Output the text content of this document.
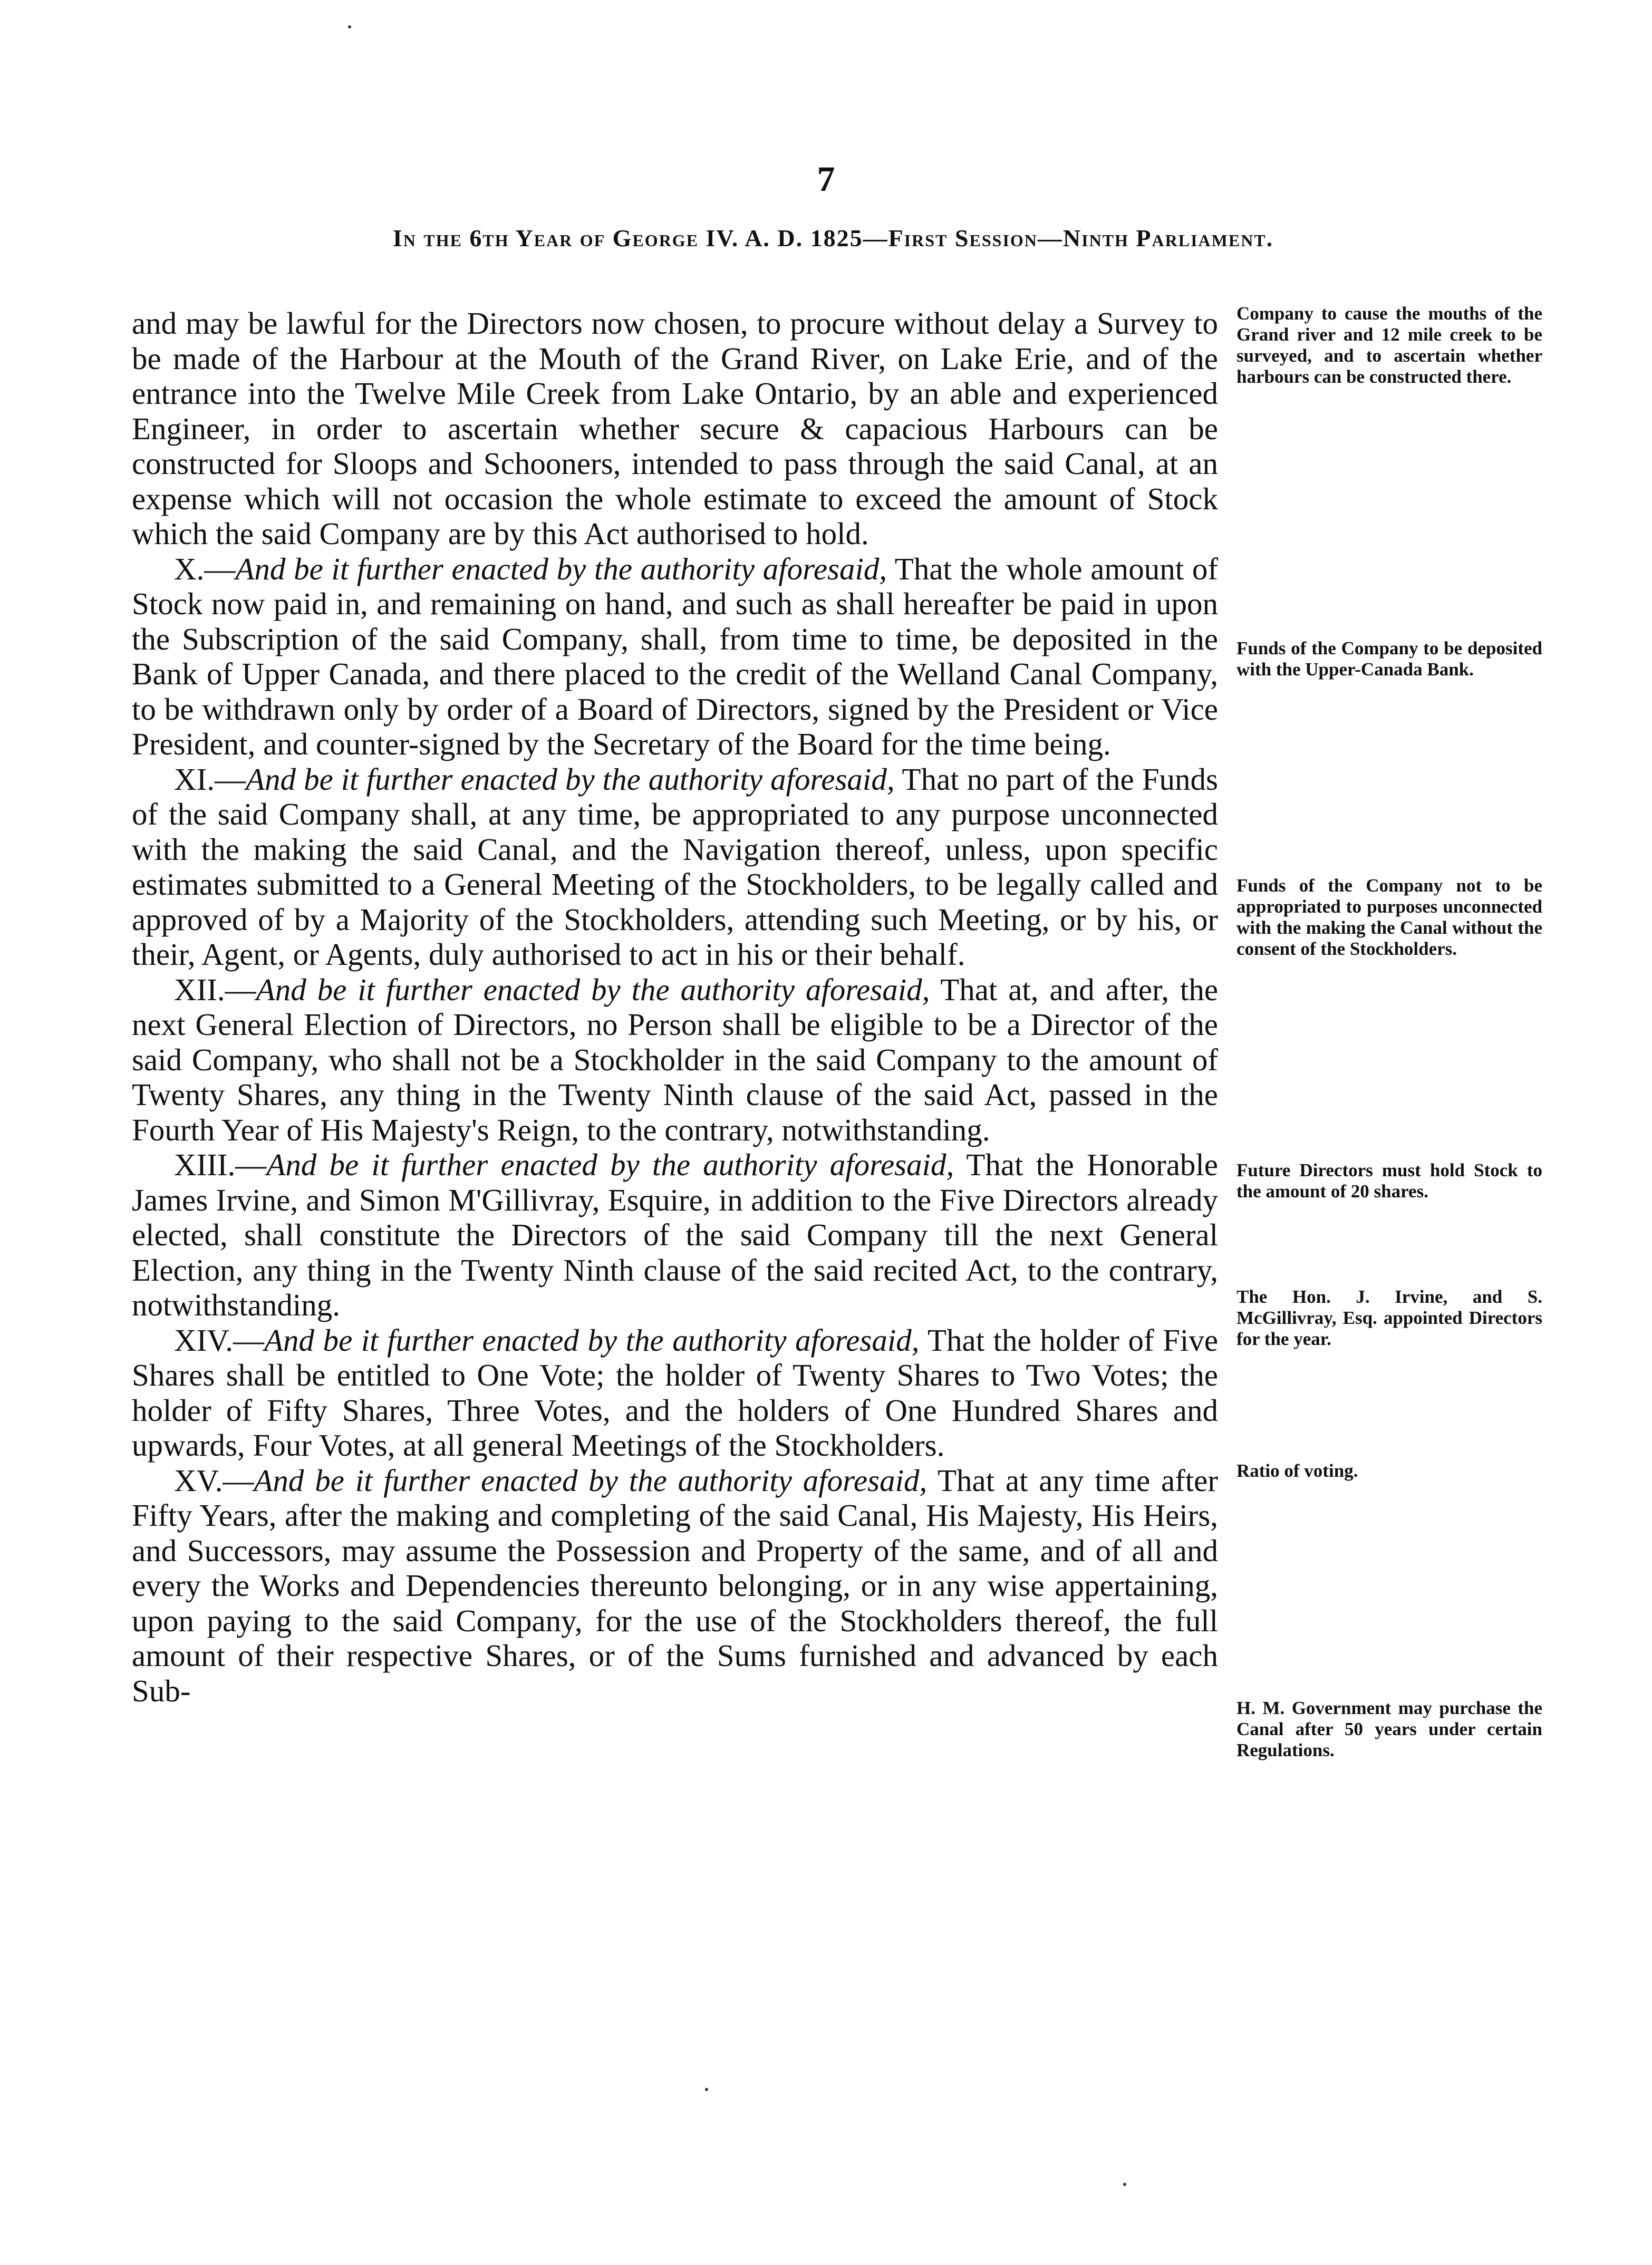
7
In the 6th Year of George IV. A. D. 1825—First Session—Ninth Parliament.

and may be lawful for the Directors now chosen, to procure without delay a Survey to be made of the Harbour at the Mouth of the Grand River, on Lake Erie, and of the entrance into the Twelve Mile Creek from Lake Ontario, by an able and experienced Engineer, in order to ascertain whether secure & capacious Harbours can be constructed for Sloops and Schooners, intended to pass through the said Canal, at an expense which will not occasion the whole estimate to exceed the amount of Stock which the said Company are by this Act authorised to hold.

X.—And be it further enacted by the authority aforesaid, That the whole amount of Stock now paid in, and remaining on hand, and such as shall hereafter be paid in upon the Subscription of the said Company, shall, from time to time, be deposited in the Bank of Upper Canada, and there placed to the credit of the Welland Canal Company, to be withdrawn only by order of a Board of Directors, signed by the President or Vice President, and counter-signed by the Secretary of the Board for the time being.

XI.—And be it further enacted by the authority aforesaid, That no part of the Funds of the said Company shall, at any time, be appropriated to any purpose unconnected with the making the said Canal, and the Navigation thereof, unless, upon specific estimates submitted to a General Meeting of the Stockholders, to be legally called and approved of by a Majority of the Stockholders, attending such Meeting, or by his, or their, Agent, or Agents, duly authorised to act in his or their behalf.

XII.—And be it further enacted by the authority aforesaid, That at, and after, the next General Election of Directors, no Person shall be eligible to be a Director of the said Company, who shall not be a Stockholder in the said Company to the amount of Twenty Shares, any thing in the Twenty Ninth clause of the said Act, passed in the Fourth Year of His Majesty's Reign, to the contrary, notwithstanding.

XIII.—And be it further enacted by the authority aforesaid, That the Honorable James Irvine, and Simon M'Gillivray, Esquire, in addition to the Five Directors already elected, shall constitute the Directors of the said Company till the next General Election, any thing in the Twenty Ninth clause of the said recited Act, to the contrary, notwithstanding.

XIV.—And be it further enacted by the authority aforesaid, That the holder of Five Shares shall be entitled to One Vote; the holder of Twenty Shares to Two Votes; the holder of Fifty Shares, Three Votes, and the holders of One Hundred Shares and upwards, Four Votes, at all general Meetings of the Stockholders.

XV.—And be it further enacted by the authority aforesaid, That at any time after Fifty Years, after the making and completing of the said Canal, His Majesty, His Heirs, and Successors, may assume the Possession and Property of the same, and of all and every the Works and Dependencies thereunto belonging, or in any wise appertaining, upon paying to the said Company, for the use of the Stockholders thereof, the full amount of their respective Shares, or of the Sums furnished and advanced by each Sub-

Company to cause the mouths of the Grand river and 12 mile creek to be surveyed, and to ascertain whether harbours can be constructed there.
Funds of the Company to be deposited with the Upper-Canada Bank.
Funds of the Company not to be appropriated to purposes unconnected with the making the Canal without the consent of the Stockholders.
Future Directors must hold Stock to the amount of 20 shares.
The Hon. J. Irvine, and S. McGillivray, Esq. appointed Directors for the year.
Ratio of voting.
H. M. Government may purchase the Canal after 50 years under certain Regulations.
